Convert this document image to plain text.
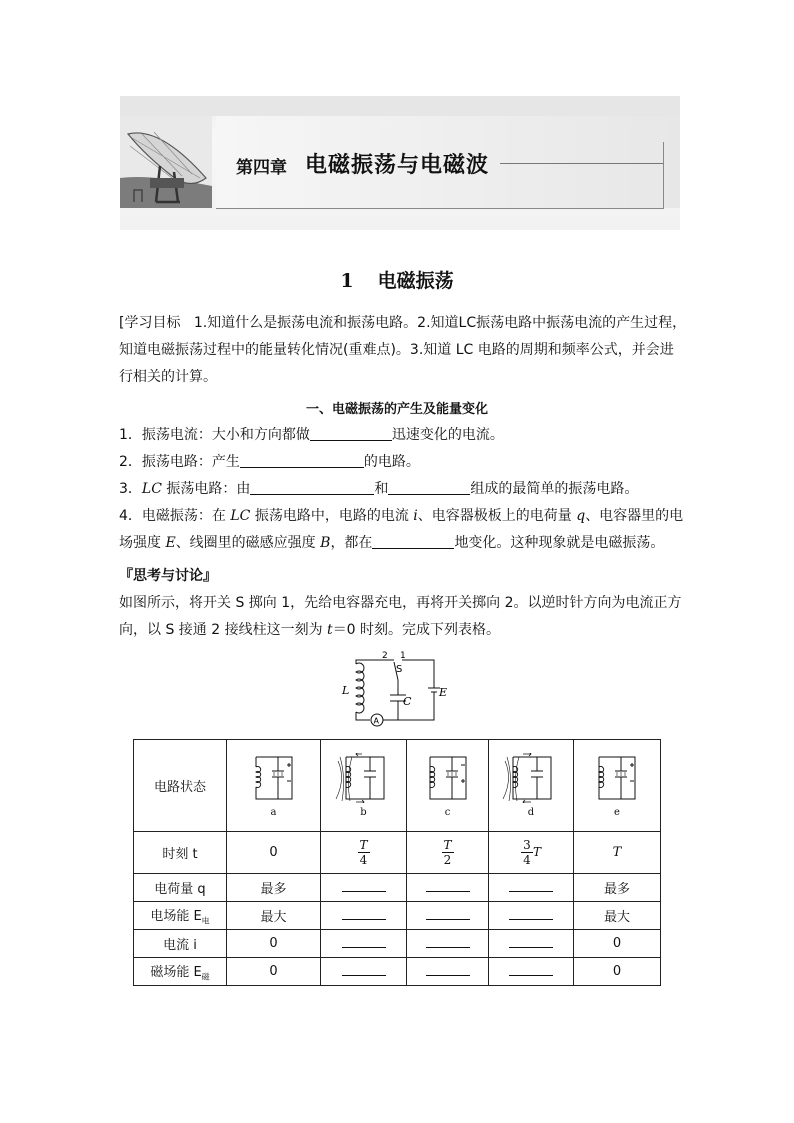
第四章 电磁振荡与电磁波
1 电磁振荡
[学习目标 1.知道什么是振荡电流和振荡电路。2.知道LC振荡电路中振荡电流的产生过程，
知道电磁振荡过程中的能量转化情况(重难点)。3.知道 LC 电路的周期和频率公式，并会进
行相关的计算。
一、电磁振荡的产生及能量变化
1．振荡电流：大小和方向都做	迅速变化的电流。
2．振荡电路：产生	的电路。
3．LC 振荡电路：由	和	组成的最简单的振荡电路。
4．电磁振荡：在 LC 振荡电路中，电路的电流 i、电容器极板上的电荷量 q、电容器里的电
场强度 E、线圈里的磁感应强度 B，都在	地变化。这种现象就是电磁振荡。
『思考与讨论』
如图所示，将开关 S 掷向 1，先给电容器充电，再将开关掷向 2。以逆时针方向为电流正方
向，以 S 接通 2 接线柱这一刻为 t＝0 时刻。完成下列表格。
L
C
E
S
2 1
A
电路状态	a	b	c	d	e

时刻 t	0	$\frac{T}{4}$	$\frac{T}{2}$	$\frac{3}{4}$ T	T
电荷量 q	最多				最多
电场能 $E_电$	最大				最大
电流 i	0				0
磁场能 $E_磁$	0				0
